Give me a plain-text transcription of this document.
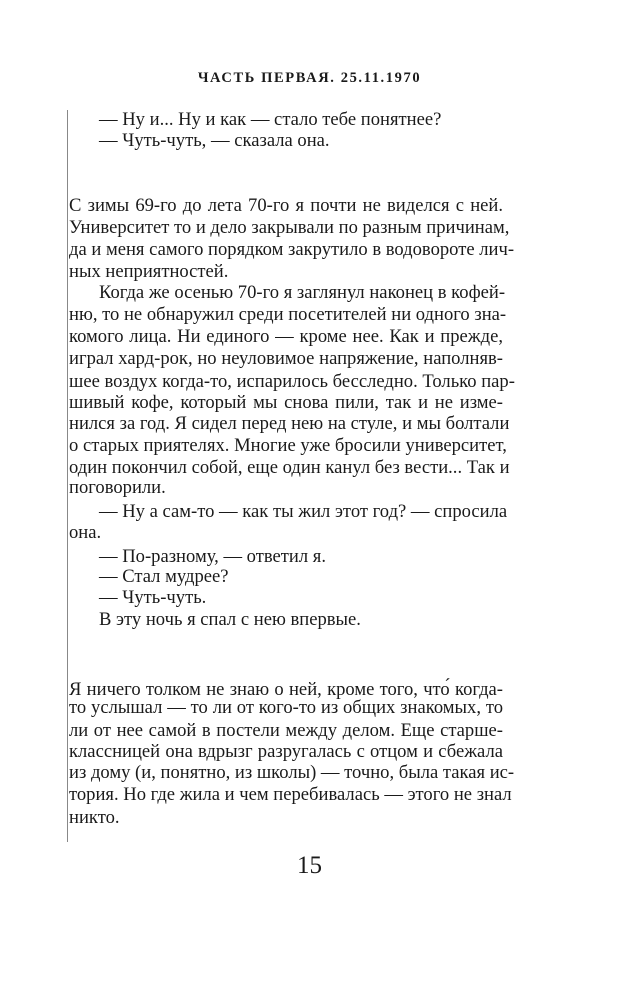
ЧАСТЬ ПЕРВАЯ. 25.11.1970
— Ну и... Ну и как — стало тебе понятнее?
— Чуть-чуть, — сказала она.
С зимы 69-го до лета 70-го я почти не виделся с ней.
Университет то и дело закрывали по разным причинам,
да и меня самого порядком закрутило в водовороте лич-
ных неприятностей.
Когда же осенью 70-го я заглянул наконец в кофей-
ню, то не обнаружил среди посетителей ни одного зна-
комого лица. Ни единого — кроме нее. Как и прежде,
играл хард-рок, но неуловимое напряжение, наполняв-
шее воздух когда-то, испарилось бесследно. Только пар-
шивый кофе, который мы снова пили, так и не изме-
нился за год. Я сидел перед нею на стуле, и мы болтали
о старых приятелях. Многие уже бросили университет,
один покончил собой, еще один канул без вести... Так и
поговорили.
— Ну а сам-то — как ты жил этот год? — спросила
она.
— По-разному, — ответил я.
— Стал мудрее?
— Чуть-чуть.
В эту ночь я спал с нею впервые.
Я ничего толком не знаю о ней, кроме того, что́ когда-
то услышал — то ли от кого-то из общих знакомых, то
ли от нее самой в постели между делом. Еще старше-
классницей она вдрызг разругалась с отцом и сбежала
из дому (и, понятно, из школы) — точно, была такая ис-
тория. Но где жила и чем перебивалась — этого не знал
никто.
15
